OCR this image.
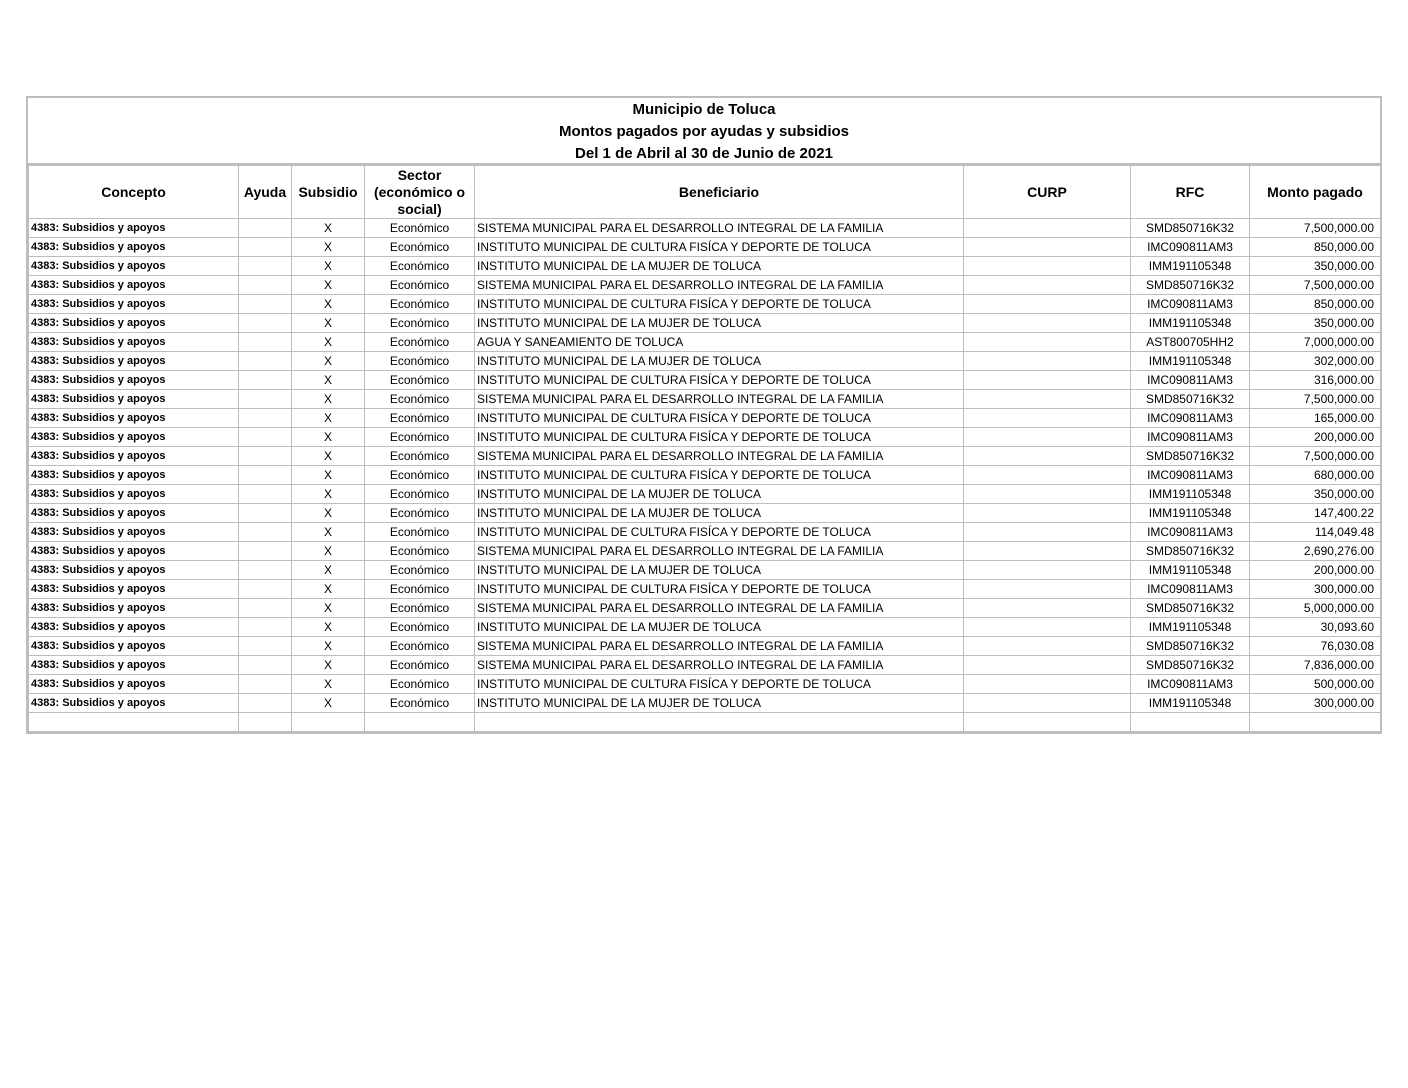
Municipio de Toluca
Montos pagados por ayudas y subsidios
Del 1 de Abril al 30 de Junio de 2021
Concepto	Ayuda	Subsidio	Sector (económico o social)	Beneficiario	CURP	RFC	Monto pagado
4383: Subsidios y apoyos		X	Económico	SISTEMA MUNICIPAL PARA EL DESARROLLO INTEGRAL DE LA FAMILIA		SMD850716K32	7,500,000.00
4383: Subsidios y apoyos		X	Económico	INSTITUTO MUNICIPAL DE CULTURA FISÍCA Y DEPORTE DE TOLUCA		IMC090811AM3	850,000.00
4383: Subsidios y apoyos		X	Económico	INSTITUTO MUNICIPAL DE LA MUJER DE TOLUCA		IMM191105348	350,000.00
4383: Subsidios y apoyos		X	Económico	SISTEMA MUNICIPAL PARA EL DESARROLLO INTEGRAL DE LA FAMILIA		SMD850716K32	7,500,000.00
4383: Subsidios y apoyos		X	Económico	INSTITUTO MUNICIPAL DE CULTURA FISÍCA Y DEPORTE DE TOLUCA		IMC090811AM3	850,000.00
4383: Subsidios y apoyos		X	Económico	INSTITUTO MUNICIPAL DE LA MUJER DE TOLUCA		IMM191105348	350,000.00
4383: Subsidios y apoyos		X	Económico	AGUA Y SANEAMIENTO DE TOLUCA		AST800705HH2	7,000,000.00
4383: Subsidios y apoyos		X	Económico	INSTITUTO MUNICIPAL DE LA MUJER DE TOLUCA		IMM191105348	302,000.00
4383: Subsidios y apoyos		X	Económico	INSTITUTO MUNICIPAL DE CULTURA FISÍCA Y DEPORTE DE TOLUCA		IMC090811AM3	316,000.00
4383: Subsidios y apoyos		X	Económico	SISTEMA MUNICIPAL PARA EL DESARROLLO INTEGRAL DE LA FAMILIA		SMD850716K32	7,500,000.00
4383: Subsidios y apoyos		X	Económico	INSTITUTO MUNICIPAL DE CULTURA FISÍCA Y DEPORTE DE TOLUCA		IMC090811AM3	165,000.00
4383: Subsidios y apoyos		X	Económico	INSTITUTO MUNICIPAL DE CULTURA FISÍCA Y DEPORTE DE TOLUCA		IMC090811AM3	200,000.00
4383: Subsidios y apoyos		X	Económico	SISTEMA MUNICIPAL PARA EL DESARROLLO INTEGRAL DE LA FAMILIA		SMD850716K32	7,500,000.00
4383: Subsidios y apoyos		X	Económico	INSTITUTO MUNICIPAL DE CULTURA FISÍCA Y DEPORTE DE TOLUCA		IMC090811AM3	680,000.00
4383: Subsidios y apoyos		X	Económico	INSTITUTO MUNICIPAL DE LA MUJER DE TOLUCA		IMM191105348	350,000.00
4383: Subsidios y apoyos		X	Económico	INSTITUTO MUNICIPAL DE LA MUJER DE TOLUCA		IMM191105348	147,400.22
4383: Subsidios y apoyos		X	Económico	INSTITUTO MUNICIPAL DE CULTURA FISÍCA Y DEPORTE DE TOLUCA		IMC090811AM3	114,049.48
4383: Subsidios y apoyos		X	Económico	SISTEMA MUNICIPAL PARA EL DESARROLLO INTEGRAL DE LA FAMILIA		SMD850716K32	2,690,276.00
4383: Subsidios y apoyos		X	Económico	INSTITUTO MUNICIPAL DE LA MUJER DE TOLUCA		IMM191105348	200,000.00
4383: Subsidios y apoyos		X	Económico	INSTITUTO MUNICIPAL DE CULTURA FISÍCA Y DEPORTE DE TOLUCA		IMC090811AM3	300,000.00
4383: Subsidios y apoyos		X	Económico	SISTEMA MUNICIPAL PARA EL DESARROLLO INTEGRAL DE LA FAMILIA		SMD850716K32	5,000,000.00
4383: Subsidios y apoyos		X	Económico	INSTITUTO MUNICIPAL DE LA MUJER DE TOLUCA		IMM191105348	30,093.60
4383: Subsidios y apoyos		X	Económico	SISTEMA MUNICIPAL PARA EL DESARROLLO INTEGRAL DE LA FAMILIA		SMD850716K32	76,030.08
4383: Subsidios y apoyos		X	Económico	SISTEMA MUNICIPAL PARA EL DESARROLLO INTEGRAL DE LA FAMILIA		SMD850716K32	7,836,000.00
4383: Subsidios y apoyos		X	Económico	INSTITUTO MUNICIPAL DE CULTURA FISÍCA Y DEPORTE DE TOLUCA		IMC090811AM3	500,000.00
4383: Subsidios y apoyos		X	Económico	INSTITUTO MUNICIPAL DE LA MUJER DE TOLUCA		IMM191105348	300,000.00
